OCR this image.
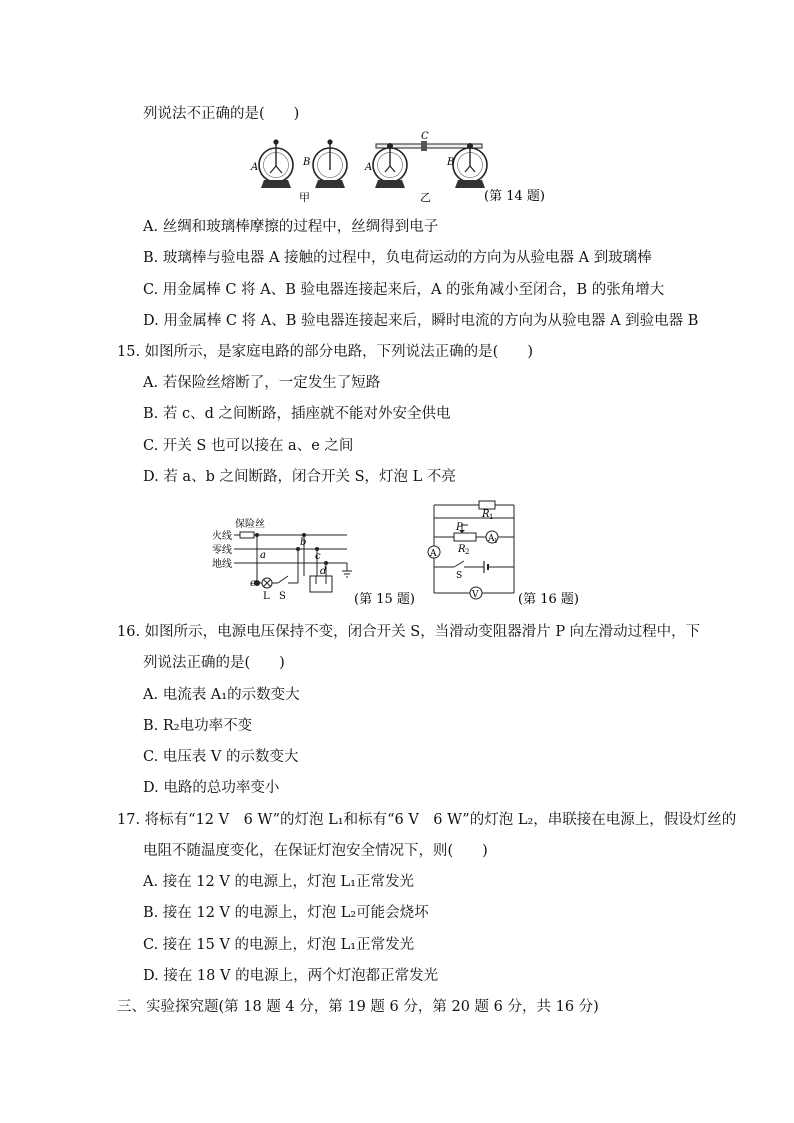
列说法不正确的是(　　)
A	B	A	B
C
甲	乙	(第 14 题)
A. 丝绸和玻璃棒摩擦的过程中，丝绸得到电子
B. 玻璃棒与验电器 A 接触的过程中，负电荷运动的方向为从验电器 A 到玻璃棒
C. 用金属棒 C 将 A、B 验电器连接起来后，A 的张角减小至闭合，B 的张角增大
D. 用金属棒 C 将 A、B 验电器连接起来后，瞬时电流的方向为从验电器 A 到验电器 B
15. 如图所示，是家庭电路的部分电路，下列说法正确的是(　　)
A. 若保险丝熔断了，一定发生了短路
B. 若 c、d 之间断路，插座就不能对外安全供电
C. 开关 S 也可以接在 a、e 之间
D. 若 a、b 之间断路，闭合开关 S，灯泡 L 不亮
保险丝
火线
零线
地线
a
b
c
d
e
L S	(第 15 题)
R 1
P
R 2
A
A 1
V
S
(第 16 题)
16. 如图所示，电源电压保持不变，闭合开关 S，当滑动变阻器滑片 P 向左滑动过程中，下
列说法正确的是(　　)
A. 电流表 A₁的示数变大
B. R₂电功率不变
C. 电压表 V 的示数变大
D. 电路的总功率变小
17. 将标有“12 V　6 W”的灯泡 L₁和标有“6 V　6 W”的灯泡 L₂，串联接在电源上，假设灯丝的
电阻不随温度变化，在保证灯泡安全情况下，则(　　)
A. 接在 12 V 的电源上，灯泡 L₁正常发光
B. 接在 12 V 的电源上，灯泡 L₂可能会烧坏
C. 接在 15 V 的电源上，灯泡 L₁正常发光
D. 接在 18 V 的电源上，两个灯泡都正常发光
三、实验探究题(第 18 题 4 分，第 19 题 6 分，第 20 题 6 分，共 16 分)
